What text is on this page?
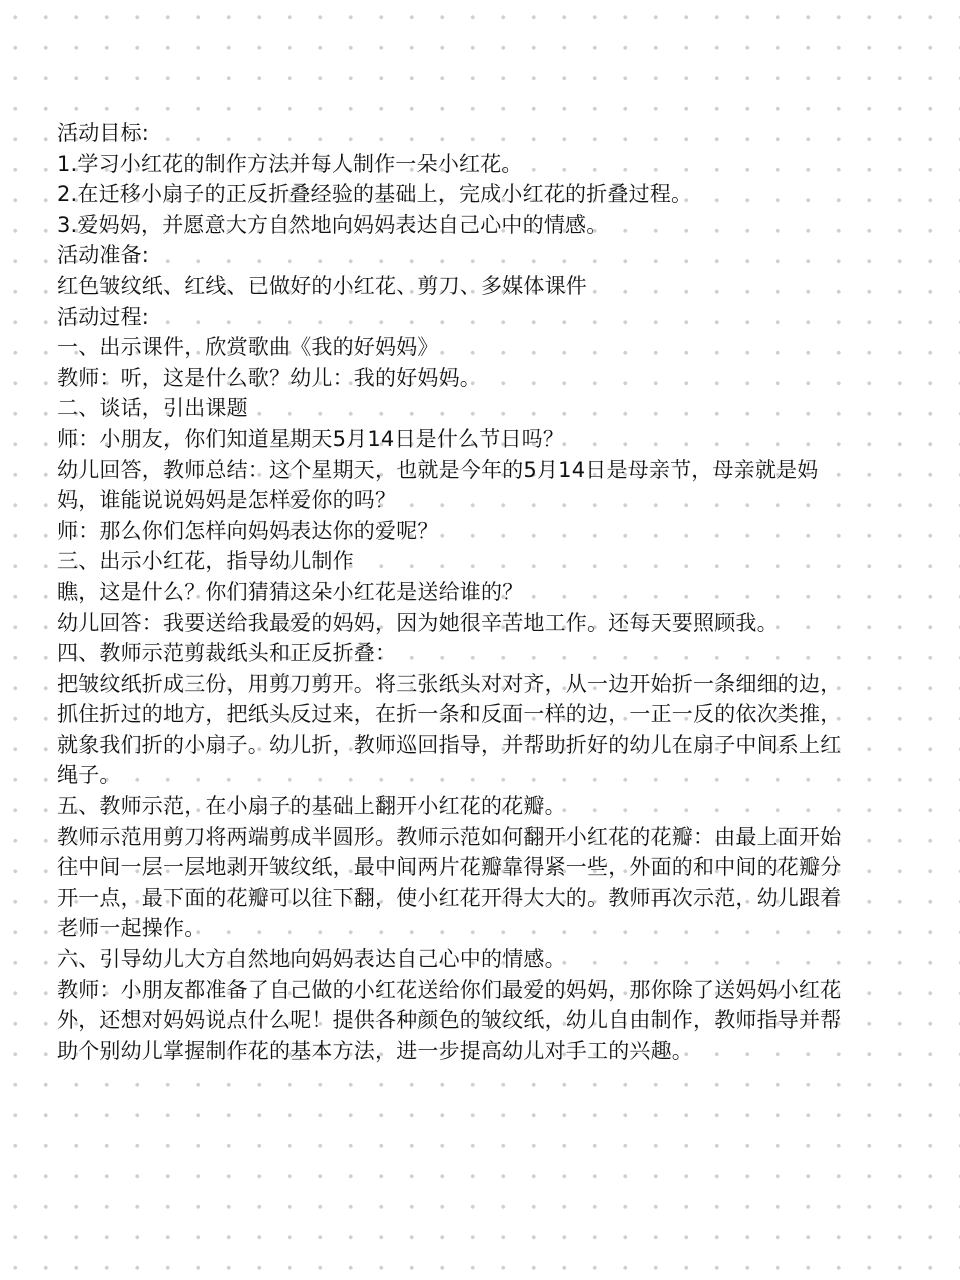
活动目标:
1.学习小红花的制作方法并每人制作一朵小红花。
2.在迁移小扇子的正反折叠经验的基础上，完成小红花的折叠过程。
3.爱妈妈，并愿意大方自然地向妈妈表达自己心中的情感。
活动准备:
红色皱纹纸、红线、已做好的小红花、剪刀、多媒体课件
活动过程:
一、出示课件，欣赏歌曲《我的好妈妈》
教师：听，这是什么歌？幼儿：我的好妈妈。
二、谈话，引出课题
师：小朋友，你们知道星期天5月14日是什么节日吗？
幼儿回答，教师总结：这个星期天，也就是今年的5月14日是母亲节，母亲就是妈
妈，谁能说说妈妈是怎样爱你的吗？
师：那么你们怎样向妈妈表达你的爱呢？
三、出示小红花，指导幼儿制作
瞧，这是什么？你们猜猜这朵小红花是送给谁的？
幼儿回答：我要送给我最爱的妈妈，因为她很辛苦地工作。还每天要照顾我。
四、教师示范剪裁纸头和正反折叠：
把皱纹纸折成三份，用剪刀剪开。将三张纸头对对齐，从一边开始折一条细细的边，
抓住折过的地方，把纸头反过来，在折一条和反面一样的边，一正一反的依次类推，
就象我们折的小扇子。幼儿折，教师巡回指导，并帮助折好的幼儿在扇子中间系上红
绳子。
五、教师示范，在小扇子的基础上翻开小红花的花瓣。
教师示范用剪刀将两端剪成半圆形。教师示范如何翻开小红花的花瓣：由最上面开始
往中间一层一层地剥开皱纹纸，最中间两片花瓣靠得紧一些，外面的和中间的花瓣分
开一点，最下面的花瓣可以往下翻，使小红花开得大大的。教师再次示范，幼儿跟着
老师一起操作。
六、引导幼儿大方自然地向妈妈表达自己心中的情感。
教师：小朋友都准备了自己做的小红花送给你们最爱的妈妈，那你除了送妈妈小红花
外，还想对妈妈说点什么呢！提供各种颜色的皱纹纸，幼儿自由制作，教师指导并帮
助个别幼儿掌握制作花的基本方法，进一步提高幼儿对手工的兴趣。
